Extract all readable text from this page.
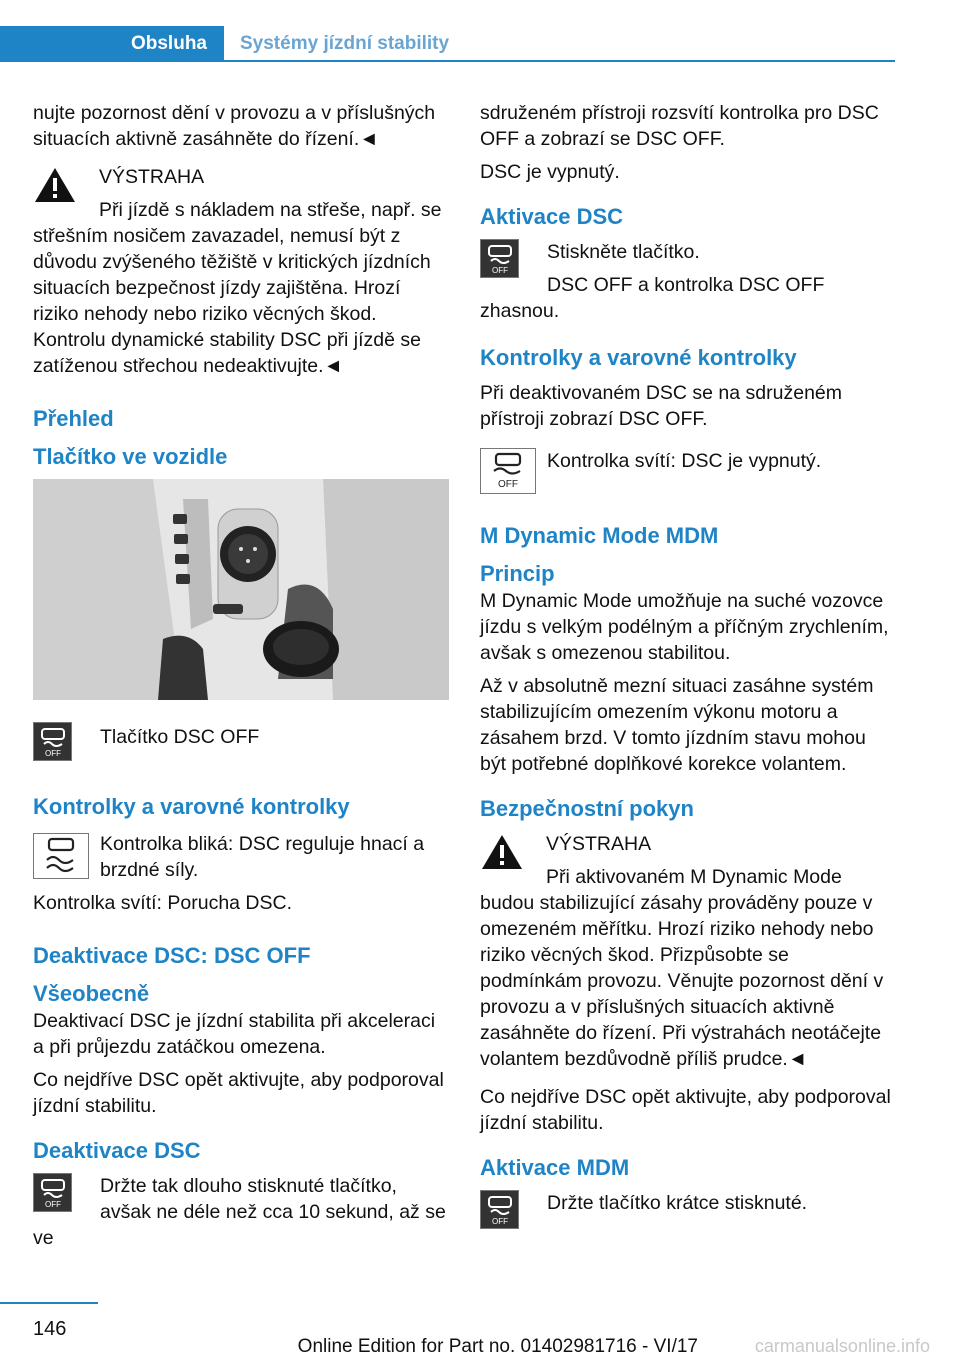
Obsluha	Systémy jízdní stability

nujte pozornost dění v provozu a v příslušných situacích aktivně zasáhněte do řízení.◄

VÝSTRAHA

Při jízdě s nákladem na střeše, např. se střešním nosičem zavazadel, nemusí být z důvodu zvýšeného těžiště v kritických jízdních situacích bezpečnost jízdy zajištěna. Hrozí riziko nehody nebo riziko věcných škod. Kontrolu dynamické stability DSC při jízdě se zatíženou střechou nedeaktivujte.◄

Přehled
Tlačítko ve vozidle
OFF

Tlačítko DSC OFF

Kontrolky a varovné kontrolky

Kontrolka bliká: DSC reguluje hnací a brzdné síly.

Kontrolka svítí: Porucha DSC.

Deaktivace DSC: DSC OFF
Všeobecně

Deaktivací DSC je jízdní stabilita při akceleraci a při průjezdu zatáčkou omezena.

Co nejdříve DSC opět aktivujte, aby podporoval jízdní stabilitu.

Deaktivace DSC
OFF

Držte tak dlouho stisknuté tlačítko, avšak ne déle než cca 10 sekund, až se ve

sdruženém přístroji rozsvítí kontrolka pro DSC OFF a zobrazí se DSC OFF.

DSC je vypnutý.

Aktivace DSC
OFF

Stiskněte tlačítko.

DSC OFF a kontrolka DSC OFF zhasnou.

Kontrolky a varovné kontrolky

Při deaktivovaném DSC se na sdruženém přístroji zobrazí DSC OFF.

OFF

Kontrolka svítí: DSC je vypnutý.

M Dynamic Mode MDM
Princip

M Dynamic Mode umožňuje na suché vozovce jízdu s velkým podélným a příčným zrychlením, avšak s omezenou stabilitou.

Až v absolutně mezní situaci zasáhne systém stabilizujícím omezením výkonu motoru a zásahem brzd. V tomto jízdním stavu mohou být potřebné doplňkové korekce volantem.

Bezpečnostní pokyn

VÝSTRAHA

Při aktivovaném M Dynamic Mode budou stabilizující zásahy prováděny pouze v omezeném měřítku. Hrozí riziko nehody nebo riziko věcných škod. Přizpůsobte se podmínkám provozu. Věnujte pozornost dění v provozu a v příslušných situacích aktivně zasáhněte do řízení. Při výstrahách neotáčejte volantem bezdůvodně příliš prudce.◄

Co nejdříve DSC opět aktivujte, aby podporoval jízdní stabilitu.

Aktivace MDM
OFF

Držte tlačítko krátce stisknuté.

146
Online Edition for Part no. 01402981716 - VI/17	carmanualsonline.info
